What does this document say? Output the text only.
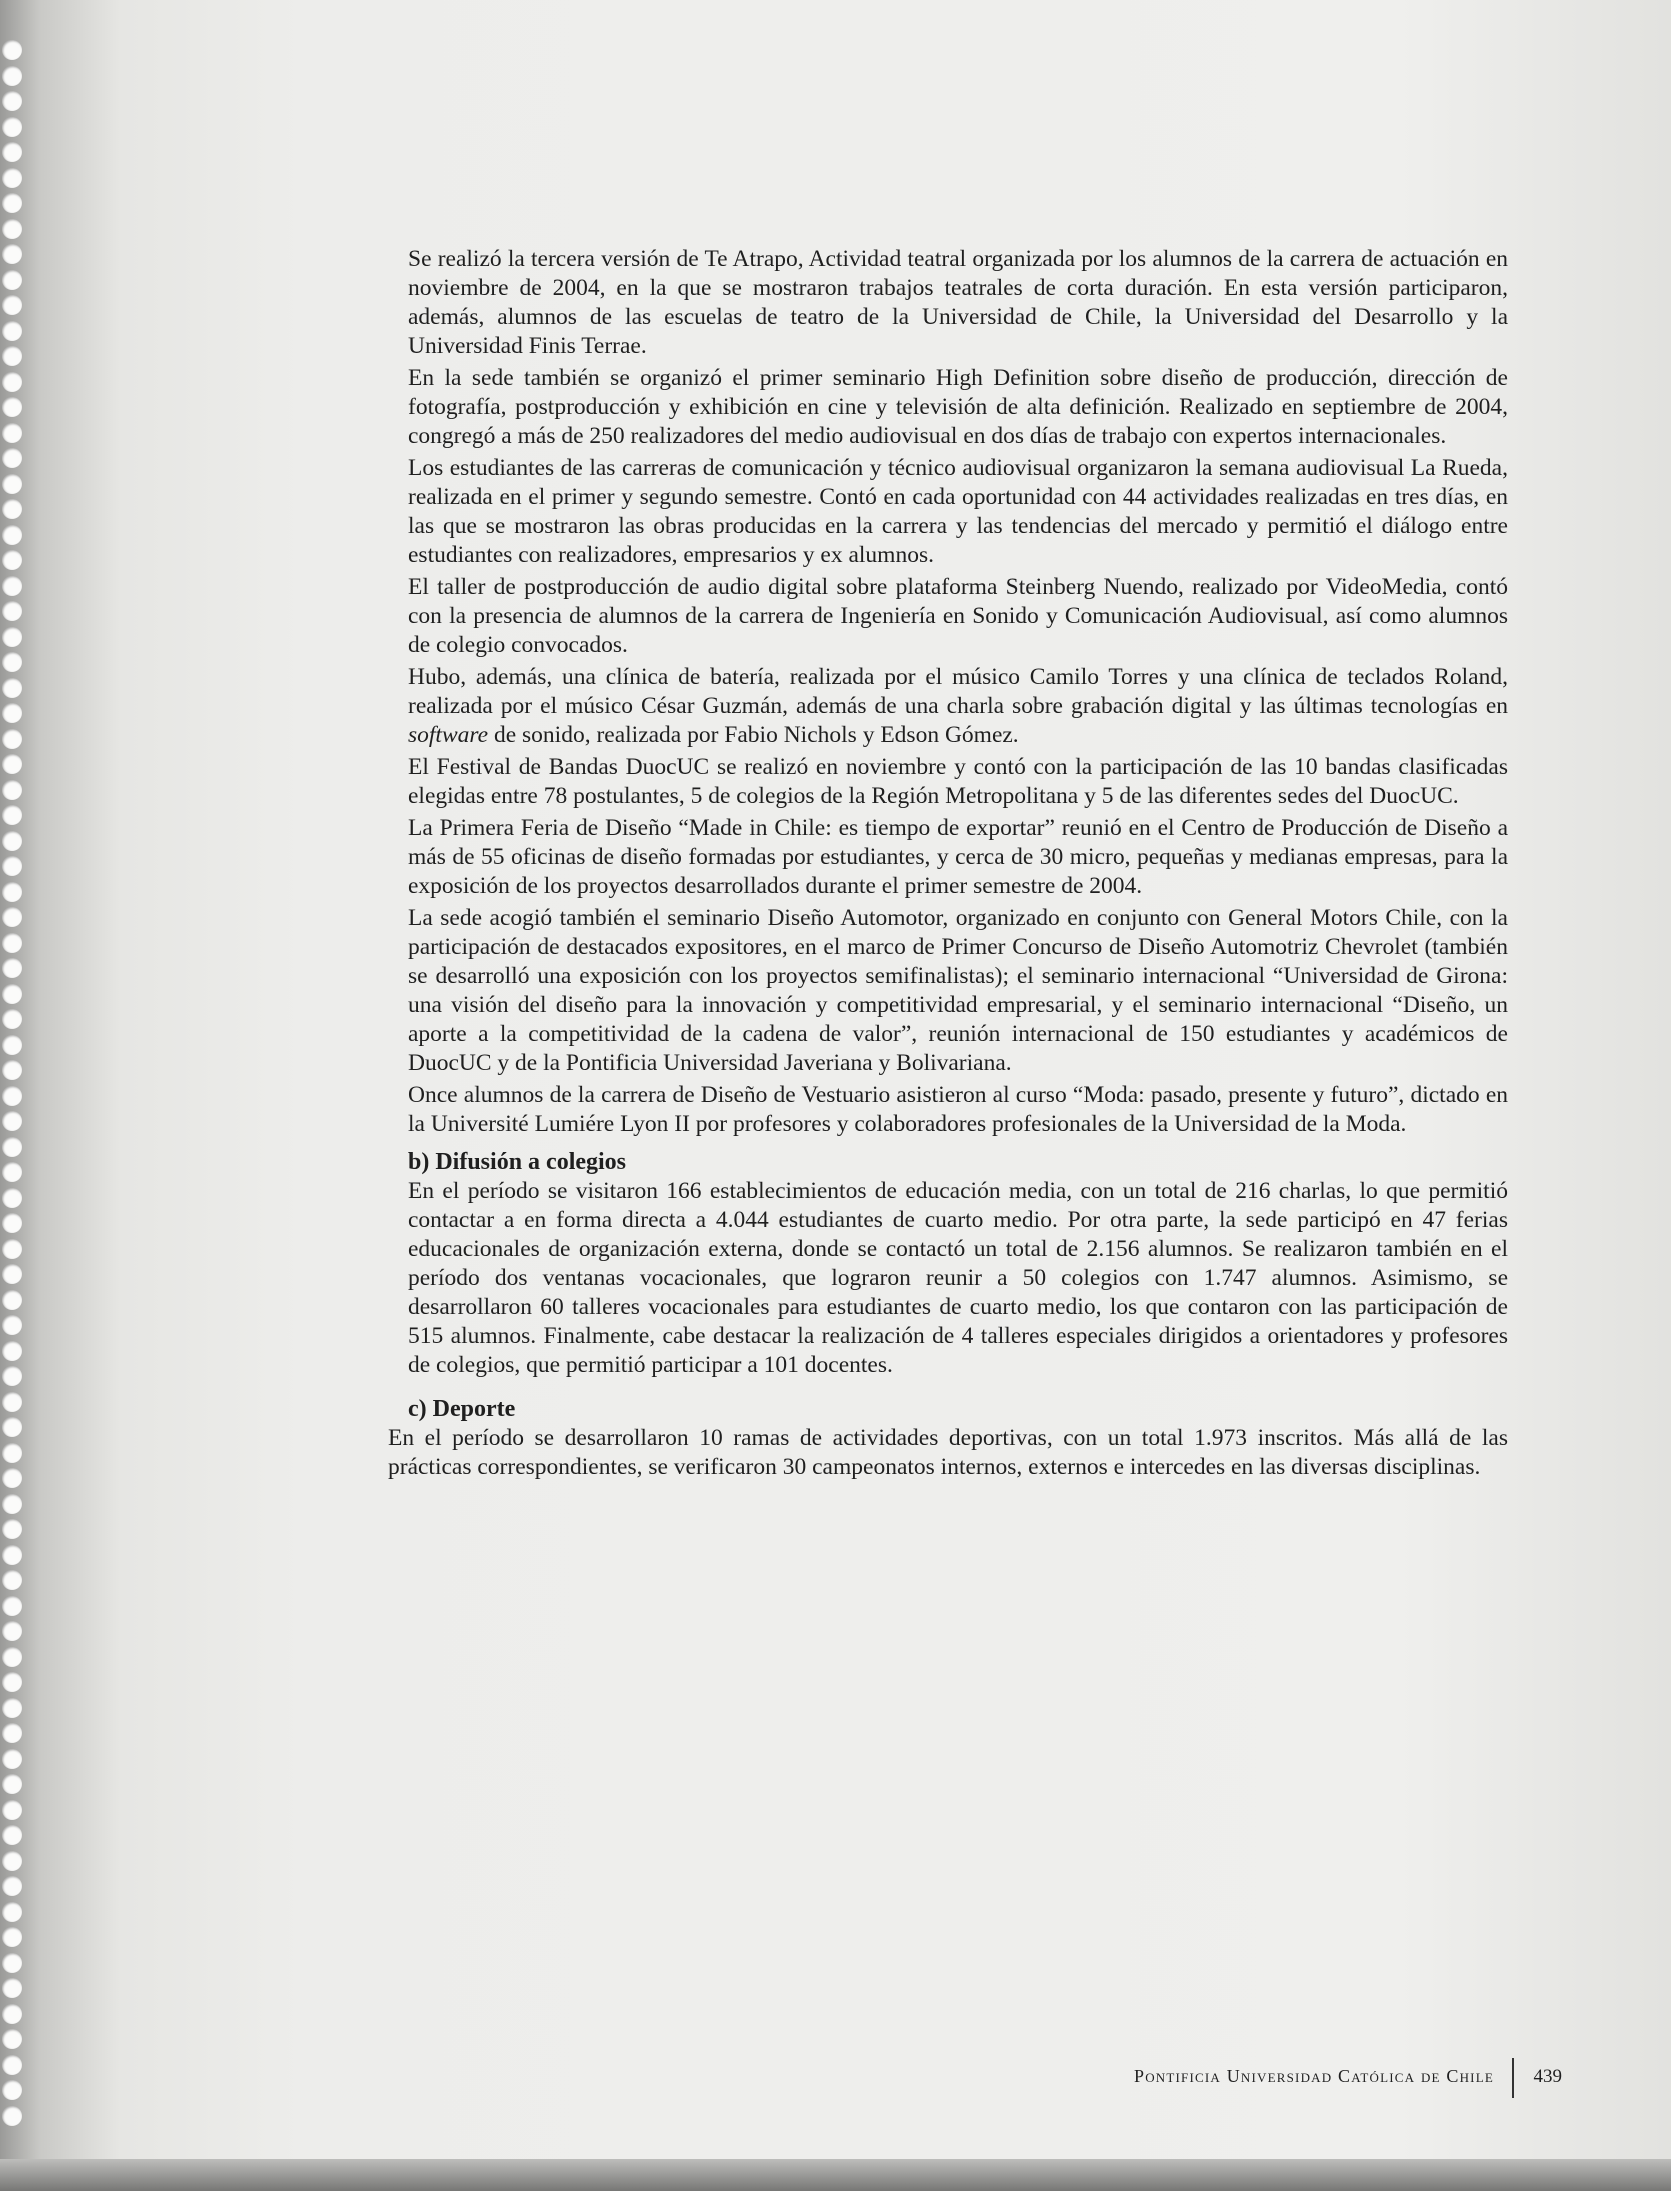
Se realizó la tercera versión de Te Atrapo, Actividad teatral organizada por los alumnos de la carrera de actuación en noviembre de 2004, en la que se mostraron trabajos teatrales de corta duración. En esta versión participaron, además, alumnos de las escuelas de teatro de la Universidad de Chile, la Universidad del Desarrollo y la Universidad Finis Terrae.

En la sede también se organizó el primer seminario High Definition sobre diseño de producción, dirección de fotografía, postproducción y exhibición en cine y televisión de alta definición. Realizado en septiembre de 2004, congregó a más de 250 realizadores del medio audiovisual en dos días de trabajo con expertos internacionales.

Los estudiantes de las carreras de comunicación y técnico audiovisual organizaron la semana audiovisual La Rueda, realizada en el primer y segundo semestre. Contó en cada oportunidad con 44 actividades realizadas en tres días, en las que se mostraron las obras producidas en la carrera y las tendencias del mercado y permitió el diálogo entre estudiantes con realizadores, empresarios y ex alumnos.

El taller de postproducción de audio digital sobre plataforma Steinberg Nuendo, realizado por VideoMedia, contó con la presencia de alumnos de la carrera de Ingeniería en Sonido y Comunicación Audiovisual, así como alumnos de colegio convocados.

Hubo, además, una clínica de batería, realizada por el músico Camilo Torres y una clínica de teclados Roland, realizada por el músico César Guzmán, además de una charla sobre grabación digital y las últimas tecnologías en software de sonido, realizada por Fabio Nichols y Edson Gómez.

El Festival de Bandas DuocUC se realizó en noviembre y contó con la participación de las 10 bandas clasificadas elegidas entre 78 postulantes, 5 de colegios de la Región Metropolitana y 5 de las diferentes sedes del DuocUC.

La Primera Feria de Diseño “Made in Chile: es tiempo de exportar” reunió en el Centro de Producción de Diseño a más de 55 oficinas de diseño formadas por estudiantes, y cerca de 30 micro, pequeñas y medianas empresas, para la exposición de los proyectos desarrollados durante el primer semestre de 2004.

La sede acogió también el seminario Diseño Automotor, organizado en conjunto con General Motors Chile, con la participación de destacados expositores, en el marco de Primer Concurso de Diseño Automotriz Chevrolet (también se desarrolló una exposición con los proyectos semifinalistas); el seminario internacional “Universidad de Girona: una visión del diseño para la innovación y competitividad empresarial, y el seminario internacional “Diseño, un aporte a la competitividad de la cadena de valor”, reunión internacional de 150 estudiantes y académicos de DuocUC y de la Pontificia Universidad Javeriana y Bolivariana.

Once alumnos de la carrera de Diseño de Vestuario asistieron al curso “Moda: pasado, presente y futuro”, dictado en la Université Lumiére Lyon II por profesores y colaboradores profesionales de la Universidad de la Moda.

b) Difusión a colegios

En el período se visitaron 166 establecimientos de educación media, con un total de 216 charlas, lo que permitió contactar a en forma directa a 4.044 estudiantes de cuarto medio. Por otra parte, la sede participó en 47 ferias educacionales de organización externa, donde se contactó un total de 2.156 alumnos. Se realizaron también en el período dos ventanas vocacionales, que lograron reunir a 50 colegios con 1.747 alumnos. Asimismo, se desarrollaron 60 talleres vocacionales para estudiantes de cuarto medio, los que contaron con las participación de 515 alumnos. Finalmente, cabe destacar la realización de 4 talleres especiales dirigidos a orientadores y profesores de colegios, que permitió participar a 101 docentes.

c) Deporte

En el período se desarrollaron 10 ramas de actividades deportivas, con un total 1.973 inscritos. Más allá de las prácticas correspondientes, se verificaron 30 campeonatos internos, externos e intercedes en las diversas disciplinas.

Pontificia Universidad Católica de Chile 439
